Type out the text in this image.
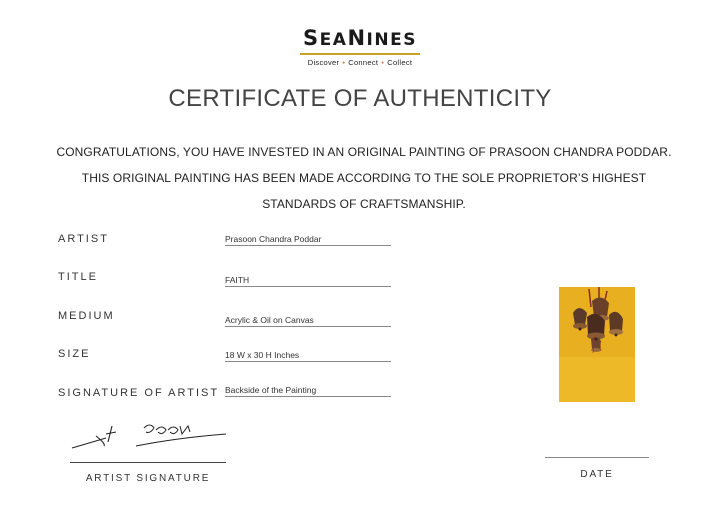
SEANINES
Discover • Connect • Collect
CERTIFICATE OF AUTHENTICITY
CONGRATULATIONS, YOU HAVE INVESTED IN AN ORIGINAL PAINTING OF PRASOON CHANDRA PODDAR.
THIS ORIGINAL PAINTING HAS BEEN MADE ACCORDING TO THE SOLE PROPRIETOR’S HIGHEST
STANDARDS OF CRAFTSMANSHIP.
ARTIST	Prasoon Chandra Poddar
TITLE	FAITH
MEDIUM	Acrylic & Oil on Canvas
SIZE	18 W x 30 H Inches
SIGNATURE OF ARTIST Backside of the Painting
ARTIST SIGNATURE	DATE
